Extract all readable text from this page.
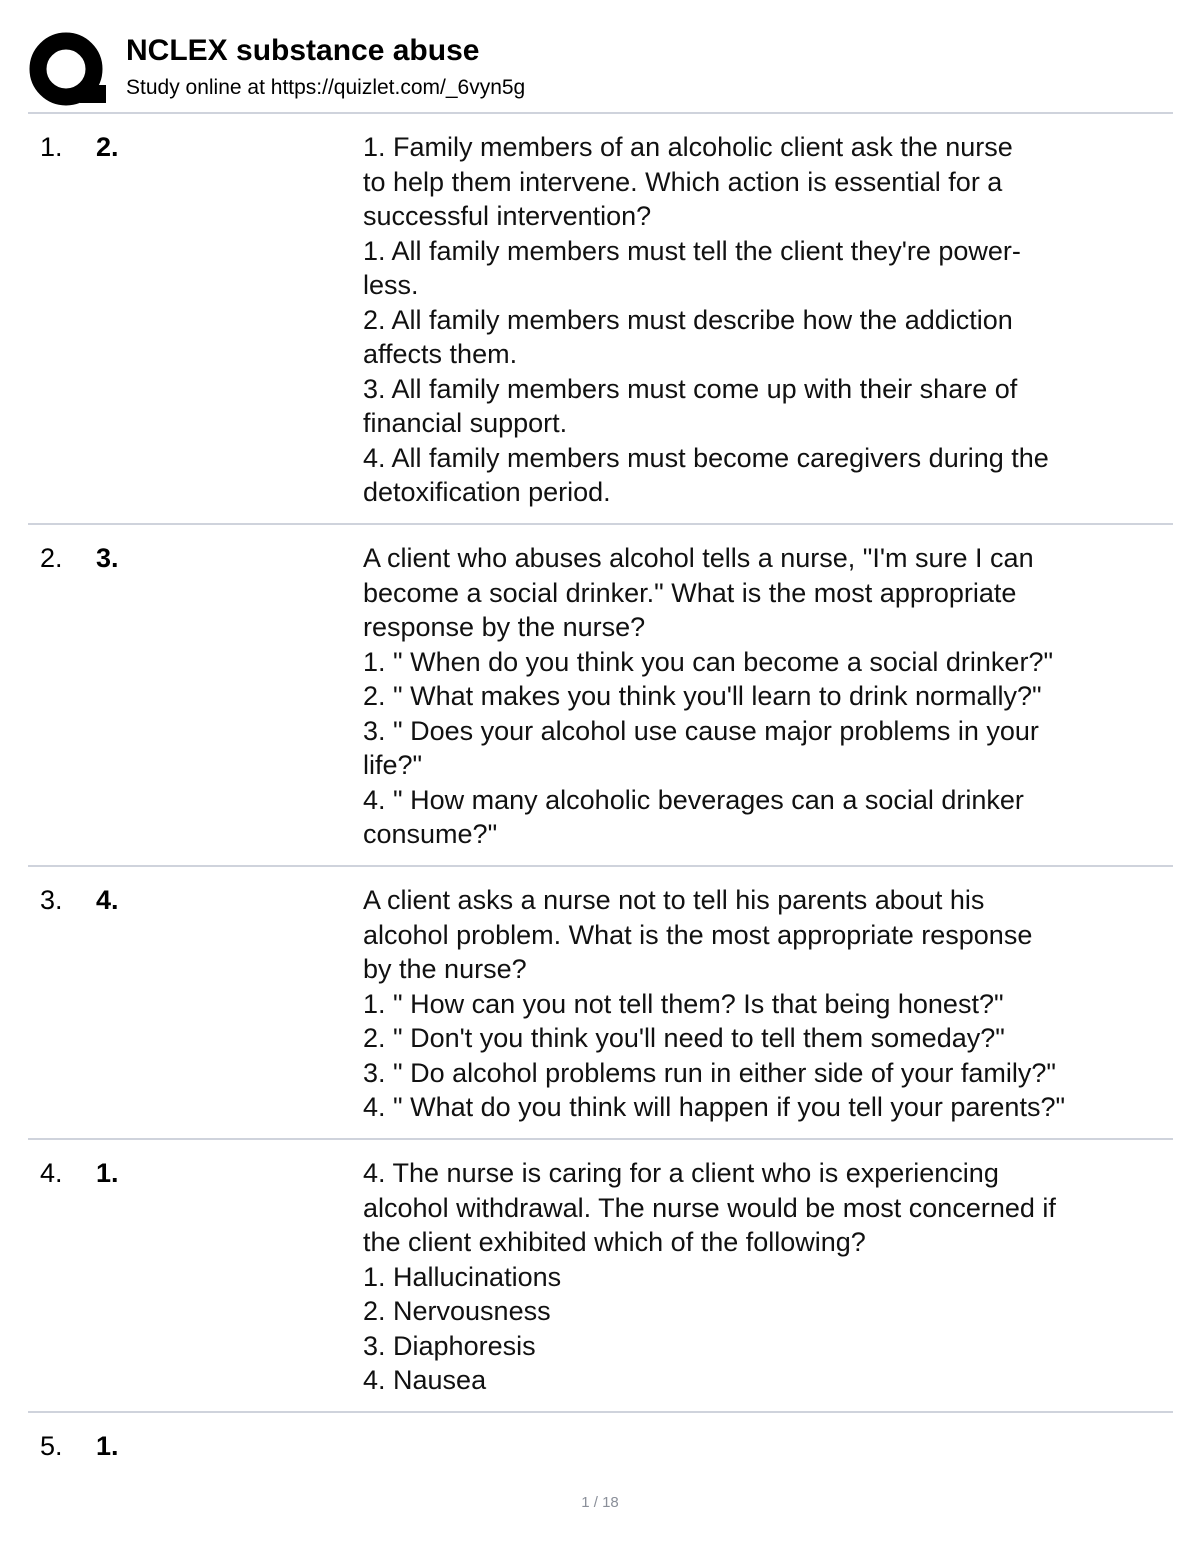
NCLEX substance abuse
Study online at https://quizlet.com/_6vyn5g
1. 2.	1. Family members of an alcoholic client ask the nurse
to help them intervene. Which action is essential for a
successful intervention?
1. All family members must tell the client they're power-
less.
2. All family members must describe how the addiction
affects them.
3. All family members must come up with their share of
financial support.
4. All family members must become caregivers during the
detoxification period.
2. 3.	A client who abuses alcohol tells a nurse, "I'm sure I can
become a social drinker." What is the most appropriate
response by the nurse?
1. " When do you think you can become a social drinker?"
2. " What makes you think you'll learn to drink normally?"
3. " Does your alcohol use cause major problems in your
life?"
4. " How many alcoholic beverages can a social drinker
consume?"
3. 4.	A client asks a nurse not to tell his parents about his
alcohol problem. What is the most appropriate response
by the nurse?
1. " How can you not tell them? Is that being honest?"
2. " Don't you think you'll need to tell them someday?"
3. " Do alcohol problems run in either side of your family?"
4. " What do you think will happen if you tell your parents?"
4. 1.	4. The nurse is caring for a client who is experiencing
alcohol withdrawal. The nurse would be most concerned if
the client exhibited which of the following?
1. Hallucinations
2. Nervousness
3. Diaphoresis
4. Nausea
5. 1.
1 / 18
